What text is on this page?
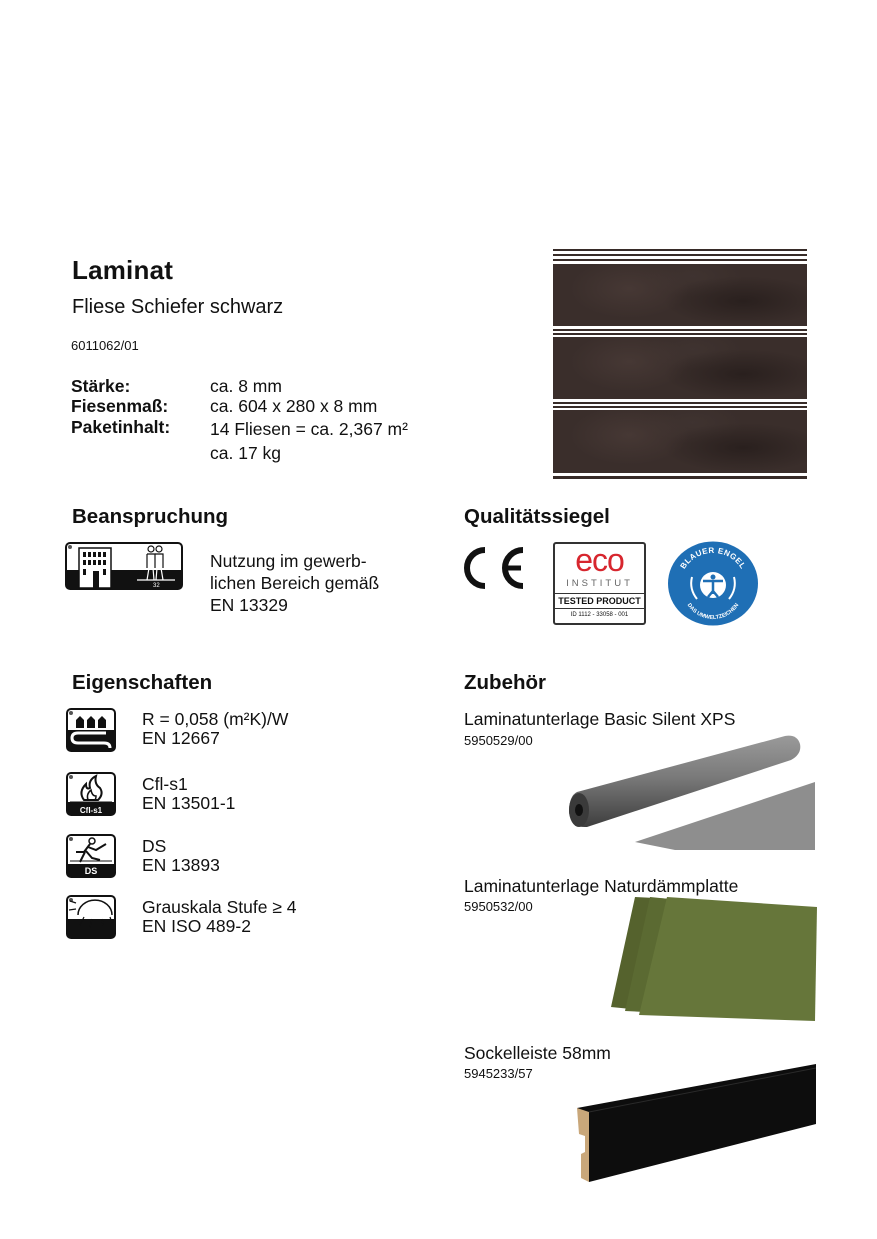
Laminat
Fliese Schiefer schwarz
6011062/01
Stärke:	ca. 8 mm
Fiesenmaß:	ca. 604 x 280 x 8 mm
Paketinhalt:	14 Fliesen = ca. 2,367 m²
ca. 17 kg
Beanspruchung
32
Nutzung im gewerb-
lichen Bereich gemäß
EN 13329
Qualitätssiegel
eco
INSTITUT
TESTED PRODUCT
ID 1112 - 33058 - 001
BLAUER ENGEL
DAS UMWELTZEICHEN
Eigenschaften
R = 0,058 (m²K)/W
EN 12667
Cfl-s1
Cfl-s1
EN 13501-1
DS
DS
EN 13893
Grauskala Stufe ≥ 4
EN ISO 489-2
Zubehör
Laminatunterlage Basic Silent XPS
5950529/00
Laminatunterlage Naturdämmplatte
5950532/00
Sockelleiste 58mm
5945233/57
